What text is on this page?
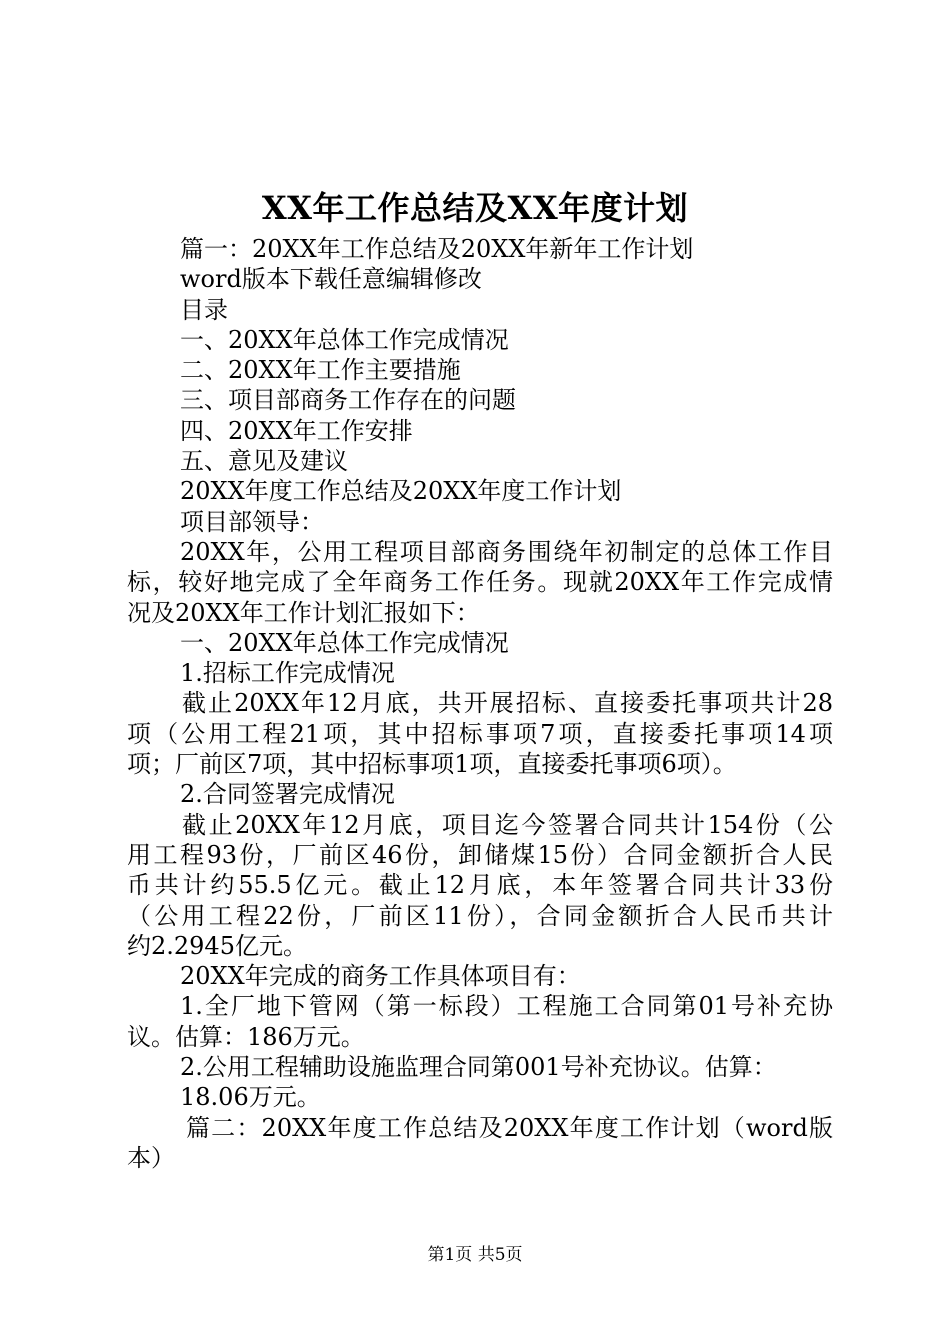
XX年工作总结及XX年度计划
篇一：20XX年工作总结及20XX年新年工作计划
word版本下载任意编辑修改
目录
一、20XX年总体工作完成情况
二、20XX年工作主要措施
三、项目部商务工作存在的问题
四、20XX年工作安排
五、意见及建议
20XX年度工作总结及20XX年度工作计划
项目部领导：
20XX年，公用工程项目部商务围绕年初制定的总体工作目
标，较好地完成了全年商务工作任务。现就20XX年工作完成情
况及20XX年工作计划汇报如下：
一、20XX年总体工作完成情况
1.招标工作完成情况
截止20XX年12月底，共开展招标、直接委托事项共计28
项（公用工程21项，其中招标事项7项，直接委托事项14项
项；厂前区7项，其中招标事项1项，直接委托事项6项）。
2.合同签署完成情况
截止20XX年12月底，项目迄今签署合同共计154份（公
用工程93份，厂前区46份，卸储煤15份）合同金额折合人民
币共计约55.5亿元。截止12月底，本年签署合同共计33份
（公用工程22份，厂前区11份），合同金额折合人民币共计
约2.2945亿元。
20XX年完成的商务工作具体项目有：
1.全厂地下管网（第一标段）工程施工合同第01号补充协
议。估算：186万元。
2.公用工程辅助设施监理合同第001号补充协议。估算：
18.06万元。
篇二：20XX年度工作总结及20XX年度工作计划（word版
本）
第1页 共5页
